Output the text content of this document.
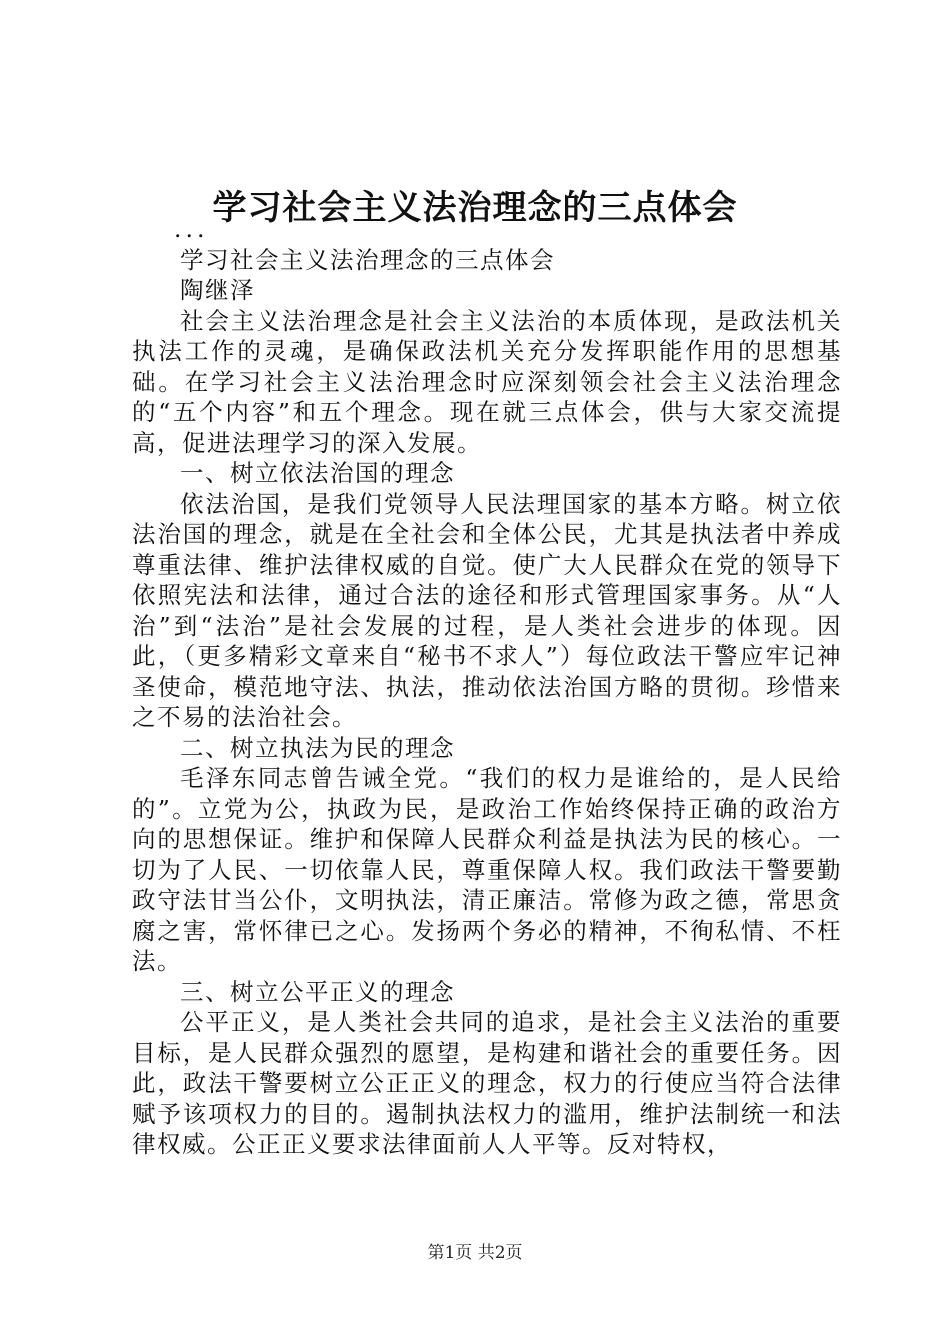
学习社会主义法治理念的三点体会

...

学习社会主义法治理念的三点体会

陶继泽

社会主义法治理念是社会主义法治的本质体现，是政法机关执法工作的灵魂，是确保政法机关充分发挥职能作用的思想基础。在学习社会主义法治理念时应深刻领会社会主义法治理念的“五个内容”和五个理念。现在就三点体会，供与大家交流提高，促进法理学习的深入发展。

一、树立依法治国的理念

依法治国，是我们党领导人民法理国家的基本方略。树立依法治国的理念，就是在全社会和全体公民，尤其是执法者中养成尊重法律、维护法律权威的自觉。使广大人民群众在党的领导下依照宪法和法律，通过合法的途径和形式管理国家事务。从“人治”到“法治”是社会发展的过程，是人类社会进步的体现。因此，（更多精彩文章来自“秘书不求人”）每位政法干警应牢记神圣使命，模范地守法、执法，推动依法治国方略的贯彻。珍惜来之不易的法治社会。

二、树立执法为民的理念

毛泽东同志曾告诫全党。“我们的权力是谁给的，是人民给的”。立党为公，执政为民，是政治工作始终保持正确的政治方向的思想保证。维护和保障人民群众利益是执法为民的核心。一切为了人民、一切依靠人民，尊重保障人权。我们政法干警要勤政守法甘当公仆，文明执法，清正廉洁。常修为政之德，常思贪腐之害，常怀律已之心。发扬两个务必的精神，不徇私情、不枉法。

三、树立公平正义的理念

公平正义，是人类社会共同的追求，是社会主义法治的重要目标，是人民群众强烈的愿望，是构建和谐社会的重要任务。因此，政法干警要树立公正正义的理念，权力的行使应当符合法律赋予该项权力的目的。遏制执法权力的滥用，维护法制统一和法律权威。公正正义要求法律面前人人平等。反对特权，

第1页 共2页
